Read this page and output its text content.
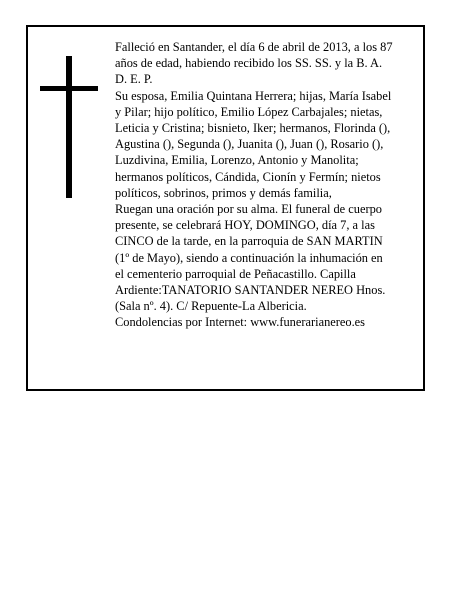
Falleció en Santander, el día 6 de abril de 2013, a los 87
años de edad, habiendo recibido los SS. SS. y la B. A.
D. E. P.
Su esposa, Emilia Quintana Herrera; hijas, María Isabel
y Pilar; hijo político, Emilio López Carbajales; nietas,
Leticia y Cristina; bisnieto, Iker; hermanos, Florinda (),
Agustina (), Segunda (), Juanita (), Juan (), Rosario (),
Luzdivina, Emilia, Lorenzo, Antonio y Manolita;
hermanos políticos, Cándida, Cionín y Fermín; nietos
políticos, sobrinos, primos y demás familia,
Ruegan una oración por su alma. El funeral de cuerpo
presente, se celebrará HOY, DOMINGO, día 7, a las
CINCO de la tarde, en la parroquia de SAN MARTIN
(1º de Mayo), siendo a continuación la inhumación en
el cementerio parroquial de Peñacastillo. Capilla
Ardiente:TANATORIO SANTANDER NEREO Hnos.
(Sala nº. 4). C/ Repuente-La Albericia.
Condolencias por Internet: www.funerarianereo.es
